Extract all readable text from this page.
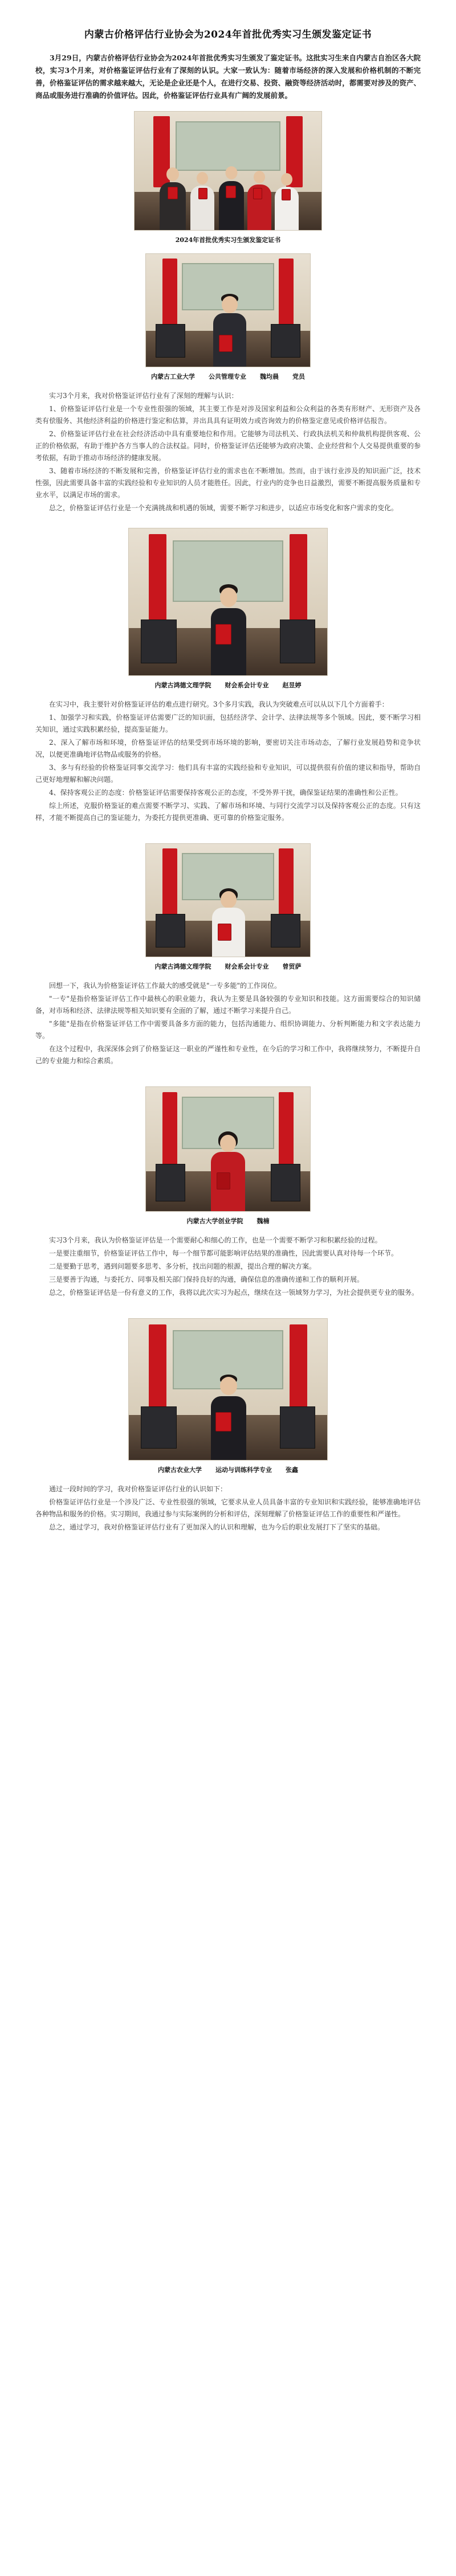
内蒙古价格评估行业协会为2024年首批优秀实习生颁发鉴定证书

3月29日，内蒙古价格评估行业协会为2024年首批优秀实习生颁发了鉴定证书。这批实习生来自内蒙古自治区各大院校，实习3个月来，对价格鉴证评估行业有了深刻的认识。大家一致认为：随着市场经济的深入发展和价格机制的不断完善，价格鉴证评估的需求越来越大，无论是企业还是个人，在进行交易、投资、融资等经济活动时，都需要对涉及的资产、商品或服务进行准确的价值评估。因此，价格鉴证评估行业具有广阔的发展前景。

2024年首批优秀实习生颁发鉴定证书
内蒙古工业大学 公共管理专业 魏均晨 党员

实习3个月来，我对价格鉴证评估行业有了深刻的理解与认识：

1、价格鉴证评估行业是一个专业性很强的领域，其主要工作是对涉及国家利益和公众利益的各类有形财产、无形资产及各类有偿服务、其他经济利益的价格进行鉴定和估算，并出具具有证明效力或咨询效力的价格鉴定意见或价格评估报告。

2、价格鉴证评估行业在社会经济活动中具有重要地位和作用。它能够为司法机关、行政执法机关和仲裁机构提供客观、公正的价格依据，有助于维护各方当事人的合法权益。同时，价格鉴证评估还能够为政府决策、企业经营和个人交易提供重要的参考依据，有助于推动市场经济的健康发展。

3、随着市场经济的不断发展和完善，价格鉴证评估行业的需求也在不断增加。然而，由于该行业涉及的知识面广泛，技术性强，因此需要具备丰富的实践经验和专业知识的人员才能胜任。因此，行业内的竞争也日益激烈，需要不断提高服务质量和专业水平，以满足市场的需求。

总之，价格鉴证评估行业是一个充满挑战和机遇的领域，需要不断学习和进步，以适应市场变化和客户需求的变化。

内蒙古鸿德文理学院 财会系会计专业 赵昱婷

在实习中，我主要针对价格鉴证评估的难点进行研究。3个多月实践，我认为突破难点可以从以下几个方面着手：

1、加强学习和实践，价格鉴证评估需要广泛的知识面，包括经济学、会计学、法律法规等多个领域。因此，要不断学习相关知识，通过实践积累经验，提高鉴证能力。

2、深入了解市场和环境，价格鉴证评估的结果受到市场环境的影响，要密切关注市场动态，了解行业发展趋势和竞争状况，以便更准确地评估物品或服务的价格。

3、多与有经验的价格鉴证同事交流学习：他们具有丰富的实践经验和专业知识，可以提供很有价值的建议和指导，帮助自己更好地理解和解决问题。

4、保持客观公正的态度：价格鉴证评估需要保持客观公正的态度，不受外界干扰，确保鉴证结果的准确性和公正性。

综上所述，克服价格鉴证的难点需要不断学习、实践、了解市场和环境、与同行交流学习以及保持客观公正的态度。只有这样，才能不断提高自己的鉴证能力，为委托方提供更准确、更可靠的价格鉴定服务。

内蒙古鸿德文理学院 财会系会计专业 曾贸萨

回想一下，我认为价格鉴证评估工作最大的感受就是"一专多能"的工作岗位。

"一专"是指价格鉴证评估工作中最核心的职业能力，我认为主要是具备较强的专业知识和技能。这方面需要综合的知识储备，对市场和经济、法律法规等相关知识要有全面的了解，通过不断学习来提升自己。

"多能"是指在价格鉴证评估工作中需要具备多方面的能力，包括沟通能力、组织协调能力、分析判断能力和文字表达能力等。

在这个过程中，我深深体会到了价格鉴证这一职业的严谨性和专业性，在今后的学习和工作中，我将继续努力，不断提升自己的专业能力和综合素质。

内蒙古大学创业学院 魏楠

实习3个月来，我认为价格鉴证评估是一个需要耐心和细心的工作，也是一个需要不断学习和积累经验的过程。

一是要注重细节，价格鉴证评估工作中，每一个细节都可能影响评估结果的准确性，因此需要认真对待每一个环节。

二是要勤于思考，遇到问题要多思考、多分析，找出问题的根源，提出合理的解决方案。

三是要善于沟通，与委托方、同事及相关部门保持良好的沟通，确保信息的准确传递和工作的顺利开展。

总之，价格鉴证评估是一份有意义的工作，我将以此次实习为起点，继续在这一领域努力学习，为社会提供更专业的服务。

内蒙古农业大学 运动与训练科学专业 张鑫

通过一段时间的学习，我对价格鉴证评估行业的认识如下：

价格鉴证评估行业是一个涉及广泛、专业性很强的领域，它要求从业人员具备丰富的专业知识和实践经验，能够准确地评估各种物品和服务的价格。实习期间，我通过参与实际案例的分析和评估，深刻理解了价格鉴证评估工作的重要性和严谨性。

总之，通过学习，我对价格鉴证评估行业有了更加深入的认识和理解，也为今后的职业发展打下了坚实的基础。
